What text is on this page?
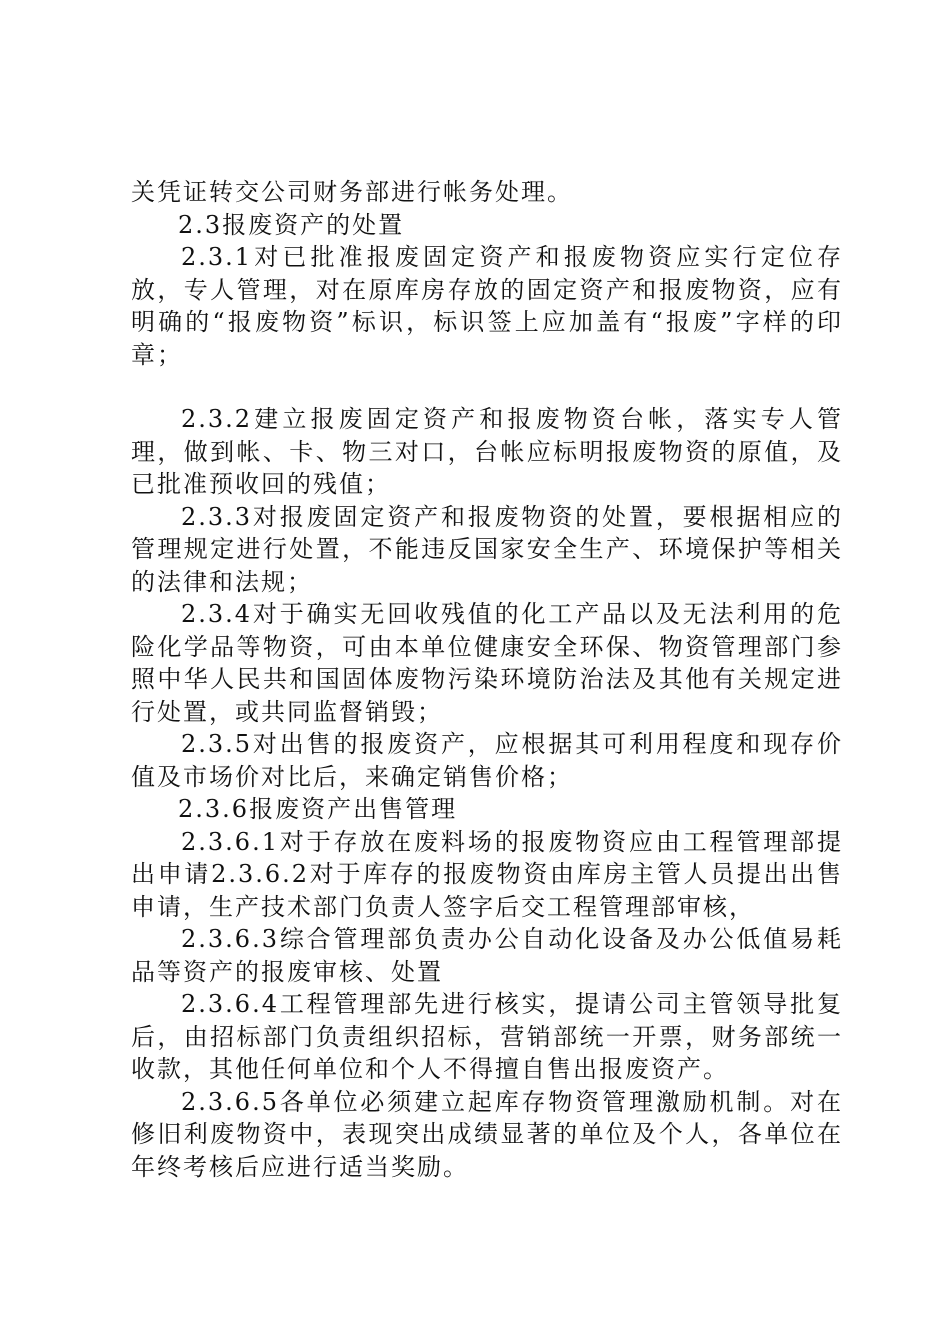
关凭证转交公司财务部进行帐务处理。

2.3报废资产的处置

2.3.1对已批准报废固定资产和报废物资应实行定位存放，专人管理，对在原库房存放的固定资产和报废物资，应有明确的“报废物资”标识，标识签上应加盖有“报废”字样的印章；

2.3.2建立报废固定资产和报废物资台帐，落实专人管理，做到帐、卡、物三对口，台帐应标明报废物资的原值，及已批准预收回的残值；

2.3.3对报废固定资产和报废物资的处置，要根据相应的管理规定进行处置，不能违反国家安全生产、环境保护等相关的法律和法规；

2.3.4对于确实无回收残值的化工产品以及无法利用的危险化学品等物资，可由本单位健康安全环保、物资管理部门参照中华人民共和国固体废物污染环境防治法及其他有关规定进行处置，或共同监督销毁；

2.3.5对出售的报废资产，应根据其可利用程度和现存价值及市场价对比后，来确定销售价格；

2.3.6报废资产出售管理

2.3.6.1对于存放在废料场的报废物资应由工程管理部提出申请2.3.6.2对于库存的报废物资由库房主管人员提出出售申请，生产技术部门负责人签字后交工程管理部审核，

2.3.6.3综合管理部负责办公自动化设备及办公低值易耗品等资产的报废审核、处置

2.3.6.4工程管理部先进行核实，提请公司主管领导批复后，由招标部门负责组织招标，营销部统一开票，财务部统一收款，其他任何单位和个人不得擅自售出报废资产。

2.3.6.5各单位必须建立起库存物资管理激励机制。对在修旧利废物资中，表现突出成绩显著的单位及个人，各单位在年终考核后应进行适当奖励。
